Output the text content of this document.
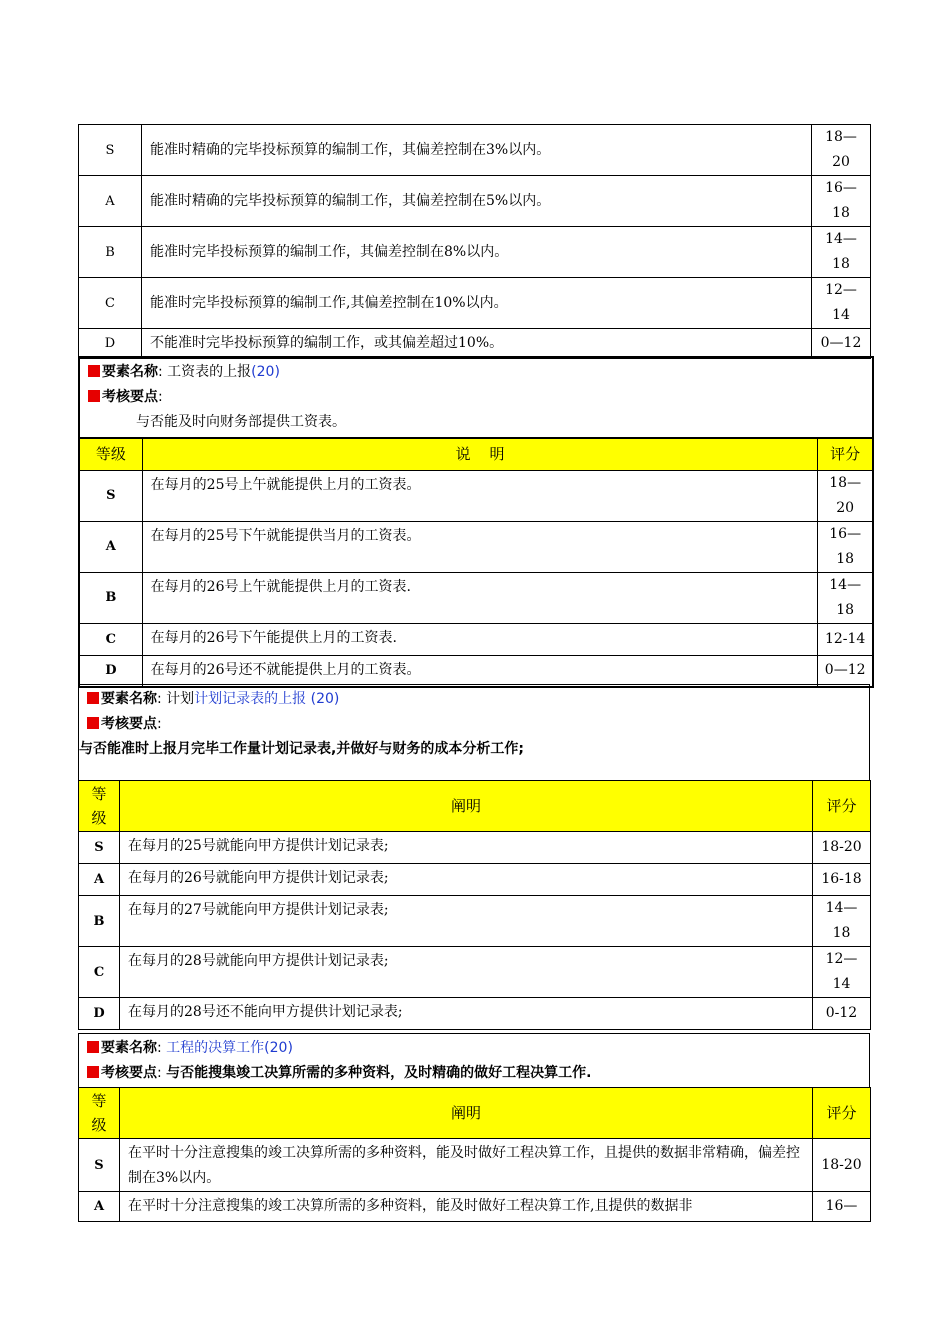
S	能准时精确的完毕投标预算的编制工作，其偏差控制在3%以内。	18—20

A	能准时精确的完毕投标预算的编制工作，其偏差控制在5%以内。	16—18

B	能准时完毕投标预算的编制工作，其偏差控制在8%以内。	14—18

C	能准时完毕投标预算的编制工作,其偏差控制在10%以内。	12—14

D	不能准时完毕投标预算的编制工作，或其偏差超过10%。	0—12
要素名称: 工资表的上报(20)
考核要点:
与否能及时向财务部提供工资表。
等级	说    明	评分
S	在每月的25号上午就能提供上月的工资表。	18—20

A	在每月的25号下午就能提供当月的工资表。	16—18

B	在每月的26号上午就能提供上月的工资表.	14—18

C	在每月的26号下午能提供上月的工资表.	12-14
D	在每月的26号还不就能提供上月的工资表。	0—12
要素名称: 计划计划记录表的上报 (20)
考核要点:
与否能准时上报月完毕工作量计划记录表,并做好与财务的成本分析工作;
等级	阐明	评分
S	在每月的25号就能向甲方提供计划记录表;	18-20
A	在每月的26号就能向甲方提供计划记录表;	16-18
B	在每月的27号就能向甲方提供计划记录表;	14—18

C	在每月的28号就能向甲方提供计划记录表;	12—14

D	在每月的28号还不能向甲方提供计划记录表;	0-12
要素名称: 工程的决算工作(20)
考核要点: 与否能搜集竣工决算所需的多种资料，及时精确的做好工程决算工作.
等级	阐明	评分
S	在平时十分注意搜集的竣工决算所需的多种资料，能及时做好工程决算工作，且提供的数据非常精确，偏差控制在3%以内。	18-20
A	在平时十分注意搜集的竣工决算所需的多种资料，能及时做好工程决算工作,且提供的数据非	16—
